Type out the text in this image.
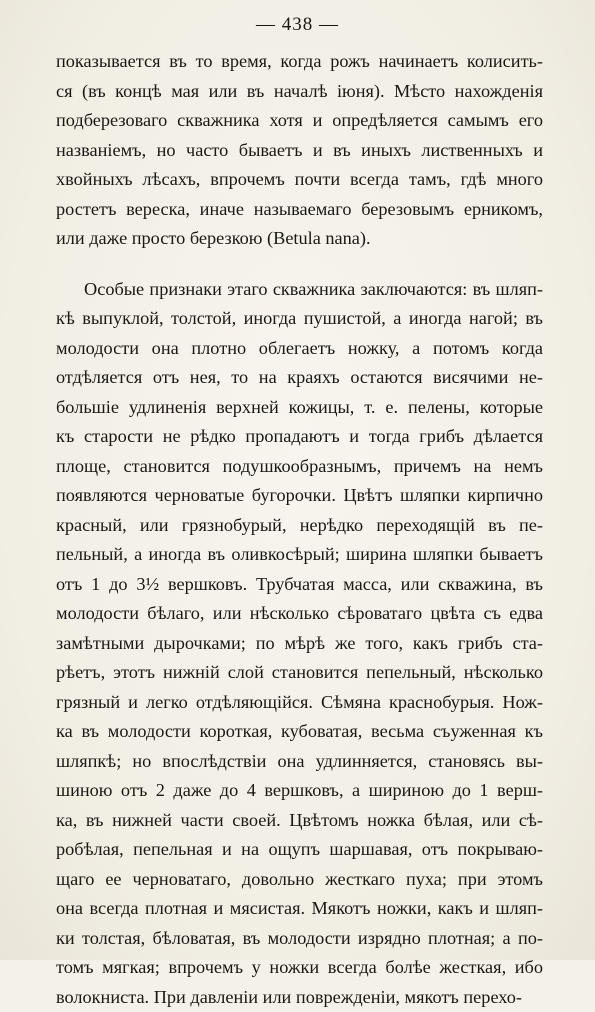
— 438 —
показывается въ то время, когда рожъ начинаетъ колисить-
ся (въ концѣ мая или въ началѣ іюня). Мѣсто нахожденія
подберезоваго скважника хотя и опредѣляется самымъ его
названіемъ, но часто бываетъ и въ иныхъ лиственныхъ и
хвойныхъ лѣсахъ, впрочемъ почти всегда тамъ, гдѣ много
ростетъ вереска, иначе называемаго березовымъ ерникомъ,
или даже просто березкою (Betula nana).
Особые признаки этаго скважника заключаются: въ шляп-
кѣ выпуклой, толстой, иногда пушистой, а иногда нагой; въ
молодости она плотно облегаетъ ножку, а потомъ когда
отдѣляется отъ нея, то на краяхъ остаются висячими не-
большіе удлиненія верхней кожицы, т. е. пелены, которые
къ старости не рѣдко пропадаютъ и тогда грибъ дѣлается
площе, становится подушкообразнымъ, причемъ на немъ
появляются черноватые бугорочки. Цвѣтъ шляпки кирпично
красный, или грязнобурый, нерѣдко переходящій въ пе-
пельный, а иногда въ оливкосѣрый; ширина шляпки бываетъ
отъ 1 до 3½ вершковъ. Трубчатая масса, или скважина, въ
молодости бѣлаго, или нѣсколько сѣроватаго цвѣта съ едва
замѣтными дырочками; по мѣрѣ же того, какъ грибъ ста-
рѣетъ, этотъ нижній слой становится пепельный, нѣсколько
грязный и легко отдѣляющійся. Сѣмяна краснобурыя. Нож-
ка въ молодости короткая, кубоватая, весьма съуженная къ
шляпкѣ; но впослѣдствіи она удлинняется, становясь вы-
шиною отъ 2 даже до 4 вершковъ, а шириною до 1 верш-
ка, въ нижней части своей. Цвѣтомъ ножка бѣлая, или сѣ-
робѣлая, пепельная и на ощупъ шаршавая, отъ покрываю-
щаго ее черноватаго, довольно жесткаго пуха; при этомъ
она всегда плотная и мясистая. Мякотъ ножки, какъ и шляп-
ки толстая, бѣловатая, въ молодости изрядно плотная; а по-
томъ мягкая; впрочемъ у ножки всегда болѣе жесткая, ибо
волокниста. При давленіи или поврежденіи, мякотъ перехо-
